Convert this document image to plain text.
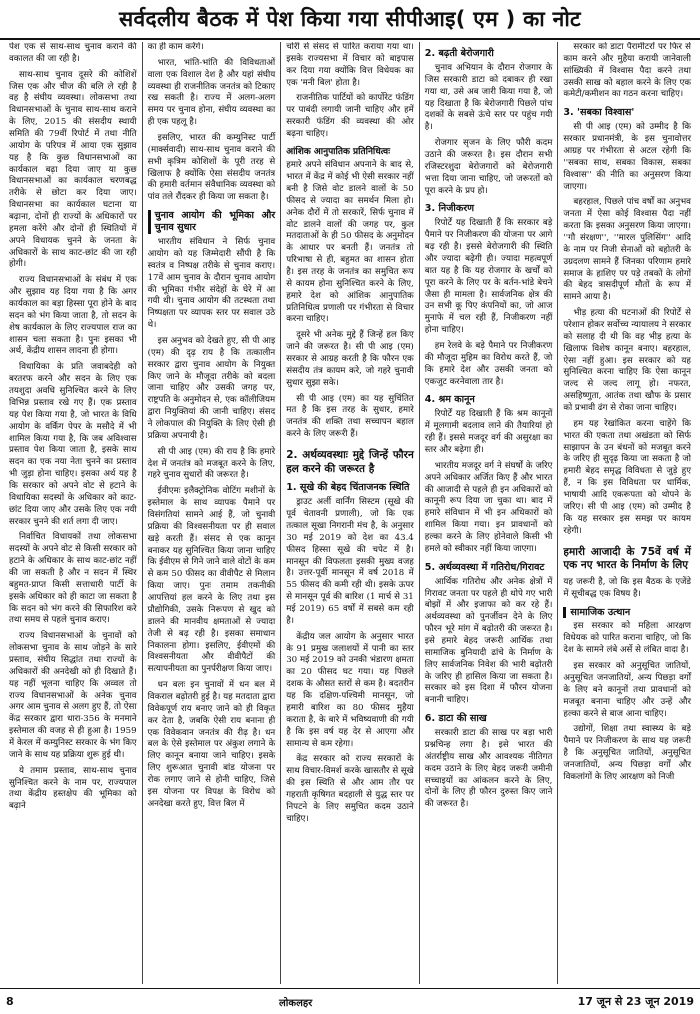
सर्वदलीय बैठक में पेश किया गया सीपीआइ( एम ) का नोट

पेश एक से साथ-साथ चुनाव कराने की वकालत की जा रही है।

साथ-साथ चुनाव दूसरे की कोशिशें जिस एक और चीज की बलि ले रही है वह है संघीय व्यवस्था। लोकसभा तथा विधानसभाओं के चुनाव साथ-साथ कराने के लिए, 2015 की संसदीय स्थायी समिति की 79वीं रिपोर्ट में तथा नीति आयोग के परिपत्र में आया एक सुझाव यह है कि कुछ विधानसभाओं का कार्यकाल बढ़ा दिया जाए या कुछ विधानसभाओं का कार्यकाल चरणबद्ध तरीके से छोटा कर दिया जाए। विधानसभा का कार्यकाल घटाना या बढ़ाना, दोनों ही राज्यों के अधिकारों पर हमला करेंगे और दोनों ही स्थितियों में अपने विधायक चुनने के जनता के अधिकारों के साथ काट-छांट की जा रही होगी।

राज्य विधानसभाओं के संबंध में एक और सुझाव यह दिया गया है कि अगर कार्यकाल का बड़ा हिस्सा पूरा होने के बाद सदन को भंग किया जाता है, तो सदन के शेष कार्यकाल के लिए राज्यपाल राज का शासन चला सकता है। पुनः इसका भी अर्थ, केंद्रीय शासन लादना ही होगा।

विधायिका के प्रति जवाबदेही को बरतरफ करने और सदन के लिए एक तयशुदा अवधि सुनिश्चित करने के लिए विभिन्न प्रस्ताव रखे गए हैं। एक प्रस्ताव यह पेश किया गया है, जो भारत के विधि आयोग के वर्किंग पेपर के मसौदे में भी शामिल किया गया है, कि जब अविश्वास प्रस्ताव पेश किया जाता है, इसके साथ सदन का एक नया नेता चुनने का प्रस्ताव भी जुड़ा होना चाहिए। इसका अर्थ यह है कि सरकार को अपने वोट से हटाने के विधायिका सदस्यों के अधिकार को काट-छांट दिया जाए और उसके लिए एक नयी सरकार चुनने की शर्त लगा दी जाए।

निर्वाचित विधायकों तथा लोकसभा सदस्यों के अपने वोट से किसी सरकार को हटाने के अधिकार के साथ काट-छांट नहीं की जा सकती है और न सदन में स्थिर बहुमत-प्राप्त किसी सत्ताधारी पार्टी के इसके अधिकार को ही काटा जा सकता है कि सदन को भंग करने की सिफारिश करे तथा समय से पहले चुनाव कराए।

राज्य विधानसभाओं के चुनावों को लोकसभा चुनाव के साथ जोड़ने के सारे प्रस्ताव, संघीय सिद्धांत तथा राज्यों के अधिकारों की अनदेखी को ही दिखाते हैं। यह नहीं भूलना चाहिए कि अव्वल तो राज्य विधानसभाओं के अनेक चुनाव अगर आम चुनाव से अलग हुए हैं, तो ऐसा केंद्र सरकार द्वारा धारा-356 के मनमाने इस्तेमाल की वजह से ही हुआ है। 1959 में केरल में कम्युनिस्ट सरकार के भंग किए जाने के साथ यह प्रक्रिया शुरू हुई थी।

ये तमाम प्रस्ताव, साथ-साथ चुनाव सुनिश्चित करने के नाम पर, राज्यपाल तथा केंद्रीय हस्तक्षेप की भूमिका को बढ़ाने

का ही काम करेंगे।

भारत, भांति-भांति की विविधताओं वाला एक विशाल देश है और यहां संघीय व्यवस्था ही राजनीतिक जनतंत्र को टिकाए रख सकती है। राज्य में अलग-अलग समय पर चुनाव होना, संघीय व्यवस्था का ही एक पहलू है।

इसलिए, भारत की कम्युनिस्ट पार्टी (मार्क्सवादी) साथ-साथ चुनाव कराने की सभी कृत्रिम कोशिशों के पूरी तरह से खिलाफ है क्योंकि ऐसा संसदीय जनतंत्र की हमारी वर्तमान संवैधानिक व्यवस्था को पांव तले रौंदकर ही किया जा सकता है।

चुनाव आयोग की भूमिका और चुनाव सुधार

भारतीय संविधान ने सिर्फ चुनाव आयोग को यह जिम्मेदारी सौंपी है कि स्वतंत्र व निष्पक्ष तरीके से चुनाव कराए। 17वें आम चुनाव के दौरान चुनाव आयोग की भूमिका गंभीर संदेहों के घेरे में आ गयी थी। चुनाव आयोग की तटस्थता तथा निष्पक्षता पर व्यापक स्तर पर सवाल उठे थे।

इस अनुभव को देखते हुए, सी पी आइ (एम) की दृढ़ राय है कि तत्कालीन सरकार द्वारा चुनाव आयोग के नियुक्त किए जाने के मौजूदा तरीके को बदला जाना चाहिए और उसकी जगह पर, राष्ट्रपति के अनुमोदन से, एक कॉलीजियम द्वारा नियुक्तियां की जानी चाहिए। संसद ने लोकपाल की नियुक्ति के लिए ऐसी ही प्रक्रिया अपनायी है।

सी पी आइ (एम) की राय है कि हमारे देश में जनतंत्र को मजबूत करने के लिए, गहरे चुनाव सुधारों की जरूरत है।

ईवीएमः इलैक्ट्रोनिक वोटिंग मशीनों के इस्तेमाल के साथ व्यापक पैमाने पर विसंगतियां सामने आई हैं, जो चुनावी प्रक्रिया की विश्वसनीयता पर ही सवाल खड़े करती हैं। संसद से एक कानून बनाकर यह सुनिश्चित किया जाना चाहिए कि ईवीएम से गिने जाने वाले वोटों के कम से कम 50 फीसद का वीवीपैट से मिलान किया जाए। पुनः तमाम तकनीकी आपत्तियां हल करने के लिए तथा इस प्रौद्योगिकी, उसके निरूपण से खुद को डालने की मानवीय क्षमताओं से ज्यादा तेजी से बढ़ रही है। इसका समाधान निकालना होगा। इसलिए, ईवीएमों की विश्वसनीयता और वीवीपैटों की सत्यापनीयता का पुनर्परीक्षण किया जाए।

धन बलः इन चुनावों में धन बल में विकराल बढ़ोतरी हुई है। यह मतदाता द्वारा विवेकपूर्ण राय बनाए जाने को ही विकृत कर देता है, जबकि ऐसी राय बनाना ही एक विवेकवान जनतंत्र की रीढ़ है। धन बल के ऐसे इस्तेमाल पर अंकुश लगाने के लिए कानून बनाया जाने चाहिए। इसके लिए शुरूआत चुनावी बांड योजना पर रोक लगाए जाने से होनी चाहिए, जिसे इस योजना पर विपक्ष के विरोध को अनदेखा करते हुए, वित्त बिल में

चोरी से संसद से पारित कराया गया था। इसके राज्यसभा में विचार को बाइपास कर दिया गया क्योंकि वित्त विधेयक का एक 'मनी बिल' होता है।

राजनीतिक पार्टियों को कार्पोरेट फंडिंग पर पाबंदी लगायी जानी चाहिए और हमें सरकारी फंडिंग की व्यवस्था की ओर बढ़ना चाहिए।

आंशिक आनुपातिक प्रतिनिधित्वः

हमारे अपने संविधान अपनाने के बाद से, भारत में केंद्र में कोई भी ऐसी सरकार नहीं बनी है जिसे वोट डालने वालों के 50 फीसद से ज्यादा का समर्थन मिला हो। अनेक दौरों में तो सरकारें, सिर्फ चुनाव में वोट डालने वालों की जगह पर, कुल मतदाताओं के ही 50 फीसद के अनुमोदन के आधार पर बनती हैं। जनतंत्र तो परिभाषा से ही, बहुमत का शासन होता है। इस तरह के जनतंत्र का समुचित रूप से कायम होना सुनिश्चित करने के लिए, हमारे देश को आंशिक आनुपातिक प्रतिनिधित्व प्रणाली पर गंभीरता से विचार करना चाहिए।

दूसरे भी अनेक मुद्दे हैं जिन्हें हल किए जाने की जरूरत है। सी पी आइ (एम) सरकार से आग्रह करती है कि फौरन एक संसदीय तंत्र कायम करे, जो गहरे चुनावी सुधार सुझा सके।

सी पी आइ (एम) का यह सुचिंतित मत है कि इस तरह के सुधार, हमारे जनतंत्र की शक्ति तथा सच्चापन बहाल करने के लिए जरूरी हैं।

2. अर्थव्यवस्थाः मुद्दे जिन्हें फौरन हल करने की जरूरत है
1. सूखे की बेहद चिंताजनक स्थिति

ड्राउट अर्ली वार्निंग सिस्टम (सूखे की पूर्व चेतावनी प्रणाली), जो कि एक तत्काल सूखा निगरानी मंच है, के अनुसार 30 मई 2019 को देश का 43.4 फीसद हिस्सा सूखे की चपेट में है। मानसून की विफलता इसकी मुख्य वजह है। उत्तर-पूर्वी मानसून में वर्ष 2018 में 55 फीसद की कमी रही थी। इसके ऊपर से मानसून पूर्व की बारिश (1 मार्च से 31 मई 2019) 65 वर्षों में सबसे कम रही है।

केंद्रीय जल आयोग के अनुसार भारत के 91 प्रमुख जलाशयों में पानी का स्तर 30 मई 2019 को उनकी भंडारण क्षमता का 20 फीसद घट गया। यह पिछले दशक के औसत स्तरों से कम है। बदतरीन यह कि दक्षिण-पश्चिमी मानसून, जो हमारी बारिश का 80 फीसद मुहैया कराता है, के बारे में भविष्यवाणी की गयी है कि इस वर्ष यह देर से आएगा और सामान्य से कम रहेगा।

केंद्र सरकार को राज्य सरकारों के साथ विचार-विमर्श करके खासतौर से सूखे की इस स्थिति से और आम तौर पर गहराती कृषिगत बदहाली से युद्ध स्तर पर निपटने के लिए समुचित कदम उठाने चाहिए।

2. बढ़ती बेरोजगारी

चुनाव अभियान के दौरान रोजगार के जिस सरकारी डाटा को दबाकर ही रखा गया था, उसे अब जारी किया गया है, जो यह दिखाता है कि बेरोजगारी पिछले पांच दशकों के सबसे ऊंचे स्तर पर पहुंच गयी है।

रोजगार सृजन के लिए फौरी कदम उठाने की जरूरत है। इस दौरान सभी रजिस्टरशुदा बेरोजगारों को बेरोजगारी भत्ता दिया जाना चाहिए, जो जरूरतों को पूरा करने के प्रप हो।

3. निजीकरण

रिपोर्टें यह दिखाती हैं कि सरकार बड़े पैमाने पर निजीकरण की योजना पर आगे बढ़ रही है। इससे बेरोजगारी की स्थिति और ज्यादा बढ़ेगी ही। ज्यादा महत्वपूर्ण बात यह है कि यह रोजगार के खर्चों को पूरा करने के लिए पर के बर्तन-भांडे बेचने जैसा ही मामला है। सार्वजनिक क्षेत्र की उन सभी कू पिए कंपनियों का, जो आज मुनाफे में चल रही हैं, निजीकरण नहीं होना चाहिए।

हम रेलवे के बड़े पैमाने पर निजीकरण की मौजूदा मुहिम का विरोध करते हैं, जो कि हमारे देश और उसकी जनता को एकजुट करनेवाला तार है।

4. श्रम कानून

रिपोर्टें यह दिखाती हैं कि श्रम कानूनों में मूलगामी बदलाव लाने की तैयारियां हो रही हैं। इससे मजदूर वर्ग की असुरक्षा का स्तर और बढ़ेगा ही।

भारतीय मजदूर वर्ग ने संघर्षों के जरिए अपने अधिकार अर्जित किए हैं और भारत की आजादी से पहले ही इन अधिकारों को कानूनी रूप दिया जा चुका था। बाद में हमारे संविधान में भी इन अधिकारों को शामिल किया गया। इन प्रावधानों को हल्का करने के लिए होनेवाले किसी भी हमले को स्वीकार नहीं किया जाएगा।

5. अर्थव्यवस्था में गतिरोध/गिरावट

आर्थिक गतिरोध और अनेक क्षेत्रों में गिरावट जनता पर पहले ही थोपे गए भारी बोझों में और इजाफा को कर रहे हैं। अर्थव्यवस्था को पुनर्जीवन देने के लिए फौरन भूरे मांग में बढ़ोतरी की जरूरत है। इसे हमारे बेहद जरूरी आर्थिक तथा सामाजिक बुनियादी ढांचे के निर्माण के लिए सार्वजनिक निवेश की भारी बढ़ोतरी के जरिए ही हासिल किया जा सकता है। सरकार को इस दिशा में फौरन योजना बनानी चाहिए।

6. डाटा की साख

सरकारी डाटा की साख पर बड़ा भारी प्रश्नचिन्ह लगा है। इसे भारत की अंतर्राष्ट्रीय साख और आवश्यक नीतिगत कदम उठाने के लिए बेहद जरूरी जमीनी सच्चाइयों का आंकलन करने के लिए, दोनों के लिए ही फौरन दुरुस्त किए जाने की जरूरत है।

सरकार को डाटा पैरामीटरों पर फिर से काम करने और मुहैया करायी जानेवाली सांख्यिकी में विश्वास पैदा करने तथा उसकी साख को बहाल करने के लिए एक कमेटी/कमीशन का गठन करना चाहिए।

3. 'सबका विश्वास'

सी पी आइ (एम) को उम्मीद है कि सरकार प्रधानमंत्री, के इस चुनावोत्तर आग्रह पर गंभीरता से अटल रहेगी कि ''सबका साथ, सबका विकास, सबका विश्वास'' की नीति का अनुसरण किया जाएगा।

बहरहाल, पिछले पांच वर्षों का अनुभव जनता में ऐसा कोई विश्वास पैदा नहीं करता कि इसका अनुसरण किया जाएगा। ''गौ संरक्षण'', ''मारल पुलिसिंग'' आदि के नाम पर निजी सेनाओं को बहोतरी के उग्रदलण सामने हैं जिनका परिणाम हमारे समाज के हाशिए पर पड़े तबकों के लोगों की बेहद त्रासदीपूर्ण मौतों के रूप में सामने आया है।

भीड़ हत्या की घटनाओं की रिपोर्टें से परेशान होकर सर्वोच्च न्यायालय ने सरकार को सलाह दी थी कि वह भीड़ हत्या के खिलाफ विशेष कानून बनाए। बहरहाल, ऐसा नहीं हुआ। इस सरकार को यह सुनिश्चित करना चाहिए कि ऐसा कानून जल्द से जल्द लागू हो। नफरत, असहिष्णुता, आतंक तथा खौफ के प्रसार को प्रभावी ढंग से रोका जाना चाहिए।

हम यह रेखांकित करना चाहेंगे कि भारत की एकता तथा अखंडता को सिर्फ साझापन के उन बंधनों को मजबूत करने के जरिए ही सुदृढ़ किया जा सकता है जो हमारी बेहद समृद्ध विविधता से जुड़े हुए हैं, न कि इस विविधता पर धार्मिक, भाषायी आदि एकरूपता को थोपने के जरिए। सी पी आइ (एम) को उम्मीद है कि यह सरकार इस समझ पर कायम रहेगी।

हमारी आजादी के 75वें वर्ष में एक नए भारत के निर्माण के लिए

यह जरूरी है, जो कि इस बैठक के एजेंडे में सूचीबद्ध एक विषय है।

सामाजिक उत्थान

इस सरकार को महिला आरक्षण विधेयक को पारित कराना चाहिए, जो कि देश के सामने लंबे अर्से से लंबित वादा है।

इस सरकार को अनुसूचित जातियों, अनुसूचित जनजातियों, अन्य पिछड़ा वर्गों के लिए बने कानूनों तथा प्रावधानों को मजबूत बनाना चाहिए और उन्हें और हल्का करने से बाज आना चाहिए।

उद्योगों, शिक्षा तथा स्वास्थ्य के बड़े पैमाने पर निजीकरण के साथ यह जरूरी है कि अनुसूचित जातियों, अनुसूचित जनजातियों, अन्य पिछड़ा वर्गों और विकलांगों के लिए आरक्षण को निजी

8	लोकलहर	17 जून से 23 जून 2019
